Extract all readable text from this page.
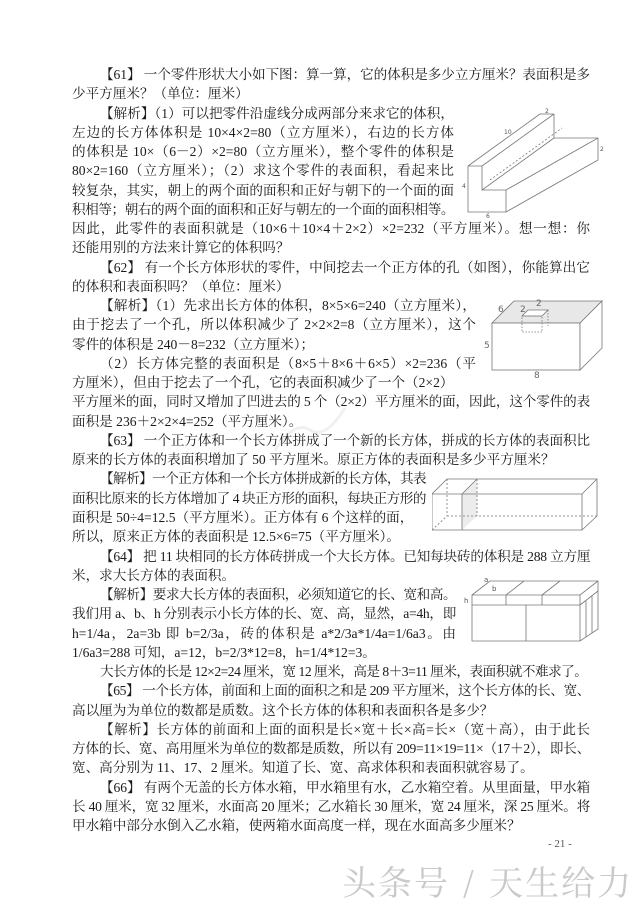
【61】 一个零件形状大小如下图：算一算，它的体积是多少立方厘米？表面积是多
少平方厘米？（单位：厘米）
【解析】（1）可以把零件沿虚线分成两部分来求它的体积，
左边的长方体体积是 10×4×2=80（立方厘米），右边的长方体
的体积是 10×（6－2）×2=80（立方厘米），整个零件的体积是
80×2=160（立方厘米）；（2）求这个零件的表面积，看起来比
较复杂，其实，朝上的两个面的面积和正好与朝下的一个面的面
积相等；朝右的两个面的面积和正好与朝左的一个面的面积相等。
因此，此零件的表面积就是（10×6＋10×4＋2×2）×2=232（平方厘米）。想一想：你
还能用别的方法来计算它的体积吗？
【62】 有一个长方体形状的零件，中间挖去一个正方体的孔（如图），你能算出它
的体积和表面积吗？（单位：厘米）
【解析】（1）先求出长方体的体积，8×5×6=240（立方厘米），
由于挖去了一个孔，所以体积减少了 2×2×2=8（立方厘米），这个
零件的体积是 240－8=232（立方厘米）；
（2）长方体完整的表面积是（8×5＋8×6＋6×5）×2=236（平
方厘米），但由于挖去了一个孔，它的表面积减少了一个（2×2）
平方厘米的面，同时又增加了凹进去的 5 个（2×2）平方厘米的面，因此，这个零件的表
面积是 236＋2×2×4=252（平方厘米）。
【63】 一个正方体和一个长方体拼成了一个新的长方体，拼成的长方体的表面积比
原来的长方体的表面积增加了 50 平方厘米。原正方体的表面积是多少平方厘米？
【解析】一个正方体和一个长方体拼成新的长方体，其表
面积比原来的长方体增加了 4 块正方形的面积，每块正方形的
面积是 50÷4=12.5（平方厘米）。正方体有 6 个这样的面，
所以，原来正方体的表面积是 12.5×6=75（平方厘米）。
【64】 把 11 块相同的长方体砖拼成一个大长方体。已知每块砖的体积是 288 立方厘
米，求大长方体的表面积。
【解析】要求大长方体的表面积，必须知道它的长、宽和高。
我们用 a、b、h 分别表示小长方体的长、宽、高，显然，a=4h，即
h=1/4a，2a=3b 即 b=2/3a，砖的体积是 a*2/3a*1/4a=1/6a3。由
1/6a3=288 可知，a=12，b=2/3*12=8，h=1/4*12=3。
大长方体的长是 12×2=24 厘米，宽 12 厘米，高是 8＋3=11 厘米，表面积就不难求了。
【65】 一个长方体，前面和上面的面积之和是 209 平方厘米，这个长方体的长、宽、
高以厘为为单位的数都是质数。这个长方体的体积和表面积各是多少？
【解析】长方体的前面和上面的面积是长×宽＋长×高=长×（宽＋高），由于此长
方体的长、宽、高用厘米为单位的数都是质数，所以有 209=11×19=11×（17＋2），即长、
宽、高分别为 11、17、2 厘米。知道了长、宽、高求体积和表面积就容易了。
【66】 有两个无盖的长方体水箱，甲水箱里有水，乙水箱空着。从里面量，甲水箱
长 40 厘米，宽 32 厘米，水面高 20 厘米；乙水箱长 30 厘米，宽 24 厘米，深 25 厘米。将
甲水箱中部分水倒入乙水箱，使两箱水面高度一样，现在水面高多少厘米？
2
10
2
4
6
6 2
2
5
8
a
b
h
- 21 -
头条号 / 天生给力
